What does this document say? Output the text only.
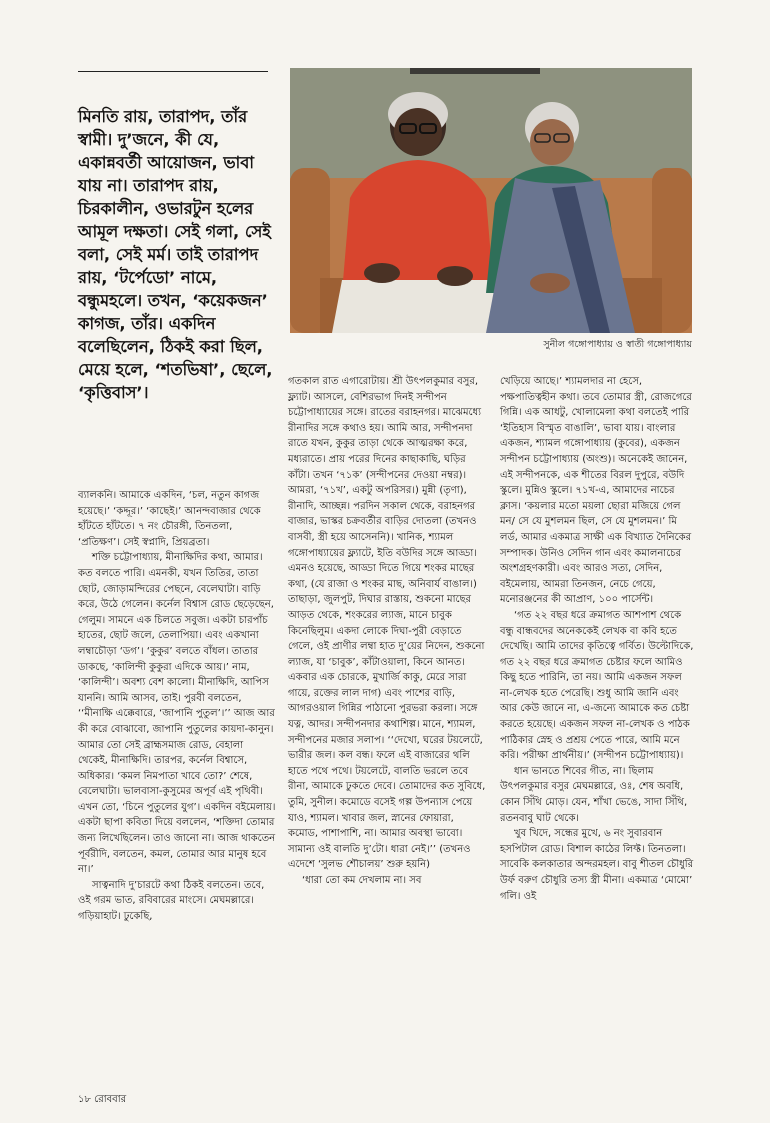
মিনতি রায়, তারাপদ, তাঁর স্বামী। দু’জনে, কী যে, একান্নবর্তী আয়োজন, ভাবা যায় না। তারাপদ রায়, চিরকালীন, ওভারটুন হলের আমূল দক্ষতা। সেই গলা, সেই বলা, সেই মর্ম। তাই তারাপদ রায়, ‘টর্পেডো’ নামে, বন্ধুমহলে। তখন, ‘কয়েকজন’ কাগজ, তাঁর। একদিন বলেছিলেন, ঠিকই করা ছিল, মেয়ে হলে, ‘শতভিষা’, ছেলে, ‘কৃত্তিবাস’।

সুনীল গঙ্গোপাধ্যায় ও স্বাতী গঙ্গোপাধ্যায়

ব্যালকনি। আমাকে একদিন, ‘চল, নতুন কাগজ হয়েছে।’ ‘কদ্দূর।’ ‘কাছেই।’ আনন্দবাজার থেকে হাঁটতে হাঁটতে। ৭ নং চৌরঙ্গী, তিনতলা, ‘প্রতিক্ষণ’। সেই স্বপ্নাদি, প্রিয়ব্রতা।

শক্তি চট্টোপাধ্যায়, মীনাক্ষিদির কথা, আমার। কত বলতে পারি। এমনকী, যখন তিতির, তাতা ছোট, জোড়ামন্দিরের পেছনে, বেলেঘাটা। বাড়ি করে, উঠে গেলেন। কর্নেল বিশ্বাস রোড ছেড়েছেন, গেলুম। সামনে এক চিলতে সবুজ। একটা চারপাঁচ হাতের, ছোট জলে, তেলাপিয়া। এবং একখানা লম্বাচৌড়া ‘ডগ’। ‘কুকুর’ বলতে বাঁধল। তাতার ডাকছে, ‘কালিন্দী কুকুরা এদিকে আয়।’ নাম, ‘কালিন্দী’। অবশ্য বেশ কালো। মীনাক্ষিদি, আপিস যাননি। আমি আসব, তাই। পুরবী বলতেন, ‘‘মীনাক্ষি এক্কেবারে, ‘জাপানি পুতুল’।’’ আজ আর কী করে বোঝাবো, জাপানি পুতুলের কায়দা-কানুন। আমার তো সেই ব্রাহ্মসমাজ রোড, বেহালা থেকেই, মীনাক্ষিদি। তারপর, কর্নেল বিশ্বাসে, অধিকার। ‘কমল নিমপাতা খাবে তো?’ শেষে, বেলেঘাটা। ভালবাসা-কুসুমের অপূর্ব এই পৃথিবী। এখন তো, ‘চিনে পুতুলের যুগ’। একদিন বইমেলায়। একটা ছাপা কবিতা দিয়ে বললেন, ‘শক্তিদা তোমার জন্য লিখেছিলেন। তাও জানো না। আজ থাকতেন পূর্বরীদি, বলতেন, কমল, তোমার আর মানুষ হবে না।’

সাত্বনাদি দু’চারটে কথা ঠিকই বলতেন। তবে, ওই গরম ভাত, রবিবারের মাংসে। মেঘমল্লারে। গড়িয়াহাট। ঢুকেছি,

গতকাল রাত এগারোটায়। শ্রী উৎপলকুমার বসুর, ফ্ল্যাট। আসলে, বেশিরভাগ দিনই সন্দীপন চট্টোপাধ্যায়ের সঙ্গে। রাতের বরাহনগর। মাঝেমধ্যে রীনাদির সঙ্গে কথাও হয়। আমি আর, সন্দীপনদা রাতে যখন, কুকুর তাড়া থেকে আত্মরক্ষা করে, মধ্যরাতে। প্রায় পরের দিনের কাছাকাছি, ঘড়ির কাঁটা। তখন ‘৭১ক’ (সন্দীপনের দেওয়া নম্বর)। আমরা, ‘৭১খ’, একটু অপরিসর।) মুন্নী (তৃণা), রীনাদি, আচ্ছন্ন। পরদিন সকাল থেকে, বরাহনগর বাজার, ভাস্কর চক্রবর্তীর বাড়ির দোতলা (তখনও বাসবী, স্ত্রী হয়ে আসেননি)। খানিক, শ্যামল গঙ্গোপাধ্যায়ের ফ্ল্যাটে, ইতি বউদির সঙ্গে আড্ডা। এমনও হয়েছে, আড্ডা দিতে গিয়ে শংকর মাছের কথা, (যে রাজা ও শংকর মাছ, অনিবার্য বাঙাল।) তাছাড়া, জুলপুট, দিঘার রাস্তায়, শুকনো মাছের আড়ত থেকে, শংকরের ল্যাজ, মানে চাবুক কিনেছিলুম। একদা লোকে দিঘা-পুরী বেড়াতে গেলে, ওই প্রাণীর লম্বা হাত দু’য়ের নিদেন, শুকনো ল্যাজ, যা ‘চাবুক’, কাঁটাওয়ালা, কিনে আনত। একবার এক চোরকে, মুখার্জি কাকু, মেরে সারা গায়ে, রক্তের লাল দাগ) এবং পাশের বাড়ি, আগরওয়াল গিন্নির পাঠানো পুরভরা করলা। সঙ্গে যত্ন, আদর। সন্দীপনদার কথাশিল্প। মানে, শ্যামল, সন্দীপনের মজার সলাপ। ‘‘দেখো, ঘরের টয়লেটে, ভারীর জল। কল বন্ধ। ফলে এই বাজারের থলি হাতে পথে পথে। টয়লেটে, বালতি ভরলে তবে রীনা, আমাকে ঢুকতে দেবে। তোমাদের কত সুবিধে, তুমি, সুনীল। কমোডে বসেই গল্প উপন্যাস পেয়ে যাও, শ্যামল। খাবার জল, স্নানের ফোয়ারা, কমোড, পাশাপাশি, না। আমার অবস্থা ভাবো। সামান্য ওই বালতি দু’টো। ধারা নেই।’’ (তখনও এদেশে ‘সুলভ শৌচালয়’ শুরু হয়নি)

‘ধারা তো কম দেখলাম না। সব

খেড়িয়ে আছে।’ শ্যামলদার না হেসে, পক্ষপাতিত্বহীন কথা। তবে তোমার স্ত্রী, রোজগেরে গিন্নি। এক আধটু, খোলামেলা কথা বলতেই পারি ‘ইতিহাস বিস্মৃত বাঙালি’, ভাবা যায়। বাংলার একজন, শ্যামল গঙ্গোপাধ্যায় (কুবের), একজন সন্দীপন চট্টোপাধ্যায় (অংশু)। অনেকেই জানেন, এই সন্দীপনকে, এক শীতের বিরল দুপুরে, বউদি স্কুলে। মুন্নিও স্কুলে। ৭১খ-এ, আমাদের নাচের ক্লাস। ‘কয়লার মতো ময়লা ছোরা মজিয়ে গেল মন/ সে যে মুশলমন ছিল, সে যে মুশলমন।’ মি লর্ড, আমার একমাত্র সাক্ষী এক বিখ্যাত দৈনিকের সম্পাদক। উনিও সেদিন গান এবং কমালনাচের অংশগ্রহণকারী। এবং আরও সত্য, সেদিন, বইমেলায়, আমরা তিনজন, নেচে গেয়ে, মনোরঞ্জনের কী আপ্রাণ, ১০০ পার্সেন্ট।

‘গত ২২ বছর ধরে ক্রমাগত আশপাশ থেকে বন্ধু বান্ধবদের অনেককেই লেখক বা কবি হতে দেখেছি। আমি তাদের কৃতিত্বে গর্বিত। উল্টোদিকে, গত ২২ বছর ধরে ক্রমাগত চেষ্টার ফলে আমিও কিছু হতে পারিনি, তা নয়। আমি একজন সফল না-লেখক হতে পেরেছি। শুধু আমি জানি এবং আর কেউ জানে না, এ-জন্যে আমাকে কত চেষ্টা করতে হয়েছে। একজন সফল না-লেখক ও পাঠক পাঠিকার স্নেহ ও প্রশ্রয় পেতে পারে, আমি মনে করি। পরীক্ষা প্রার্থনীয়।’ (সন্দীপন চট্টোপাধ্যায়)।

ধান ভানতে শিবের গীত, না। ছিলাম উৎপলকুমার বসুর মেঘমল্লারে, ওঃ, শেষ অবধি, কোন সিঁথি মোড়। যেন, শাঁখা ভেঙে, সাদা সিঁথি, রতনবাবু ঘাট থেকে।

খুব খিদে, সন্ধের মুখে, ৬ নং সুবারবান হসপিটাল রোড। বিশাল কাঠের লিফ্ট। তিনতলা। সাবেকি কলকাতার অন্দরমহল। বাবু শীতল চৌধুরি উর্ফ বরুণ চৌধুরি তস্য স্ত্রী মীনা। একমাত্র ‘মোমো’ গলি। ওই

১৮ রোববার
